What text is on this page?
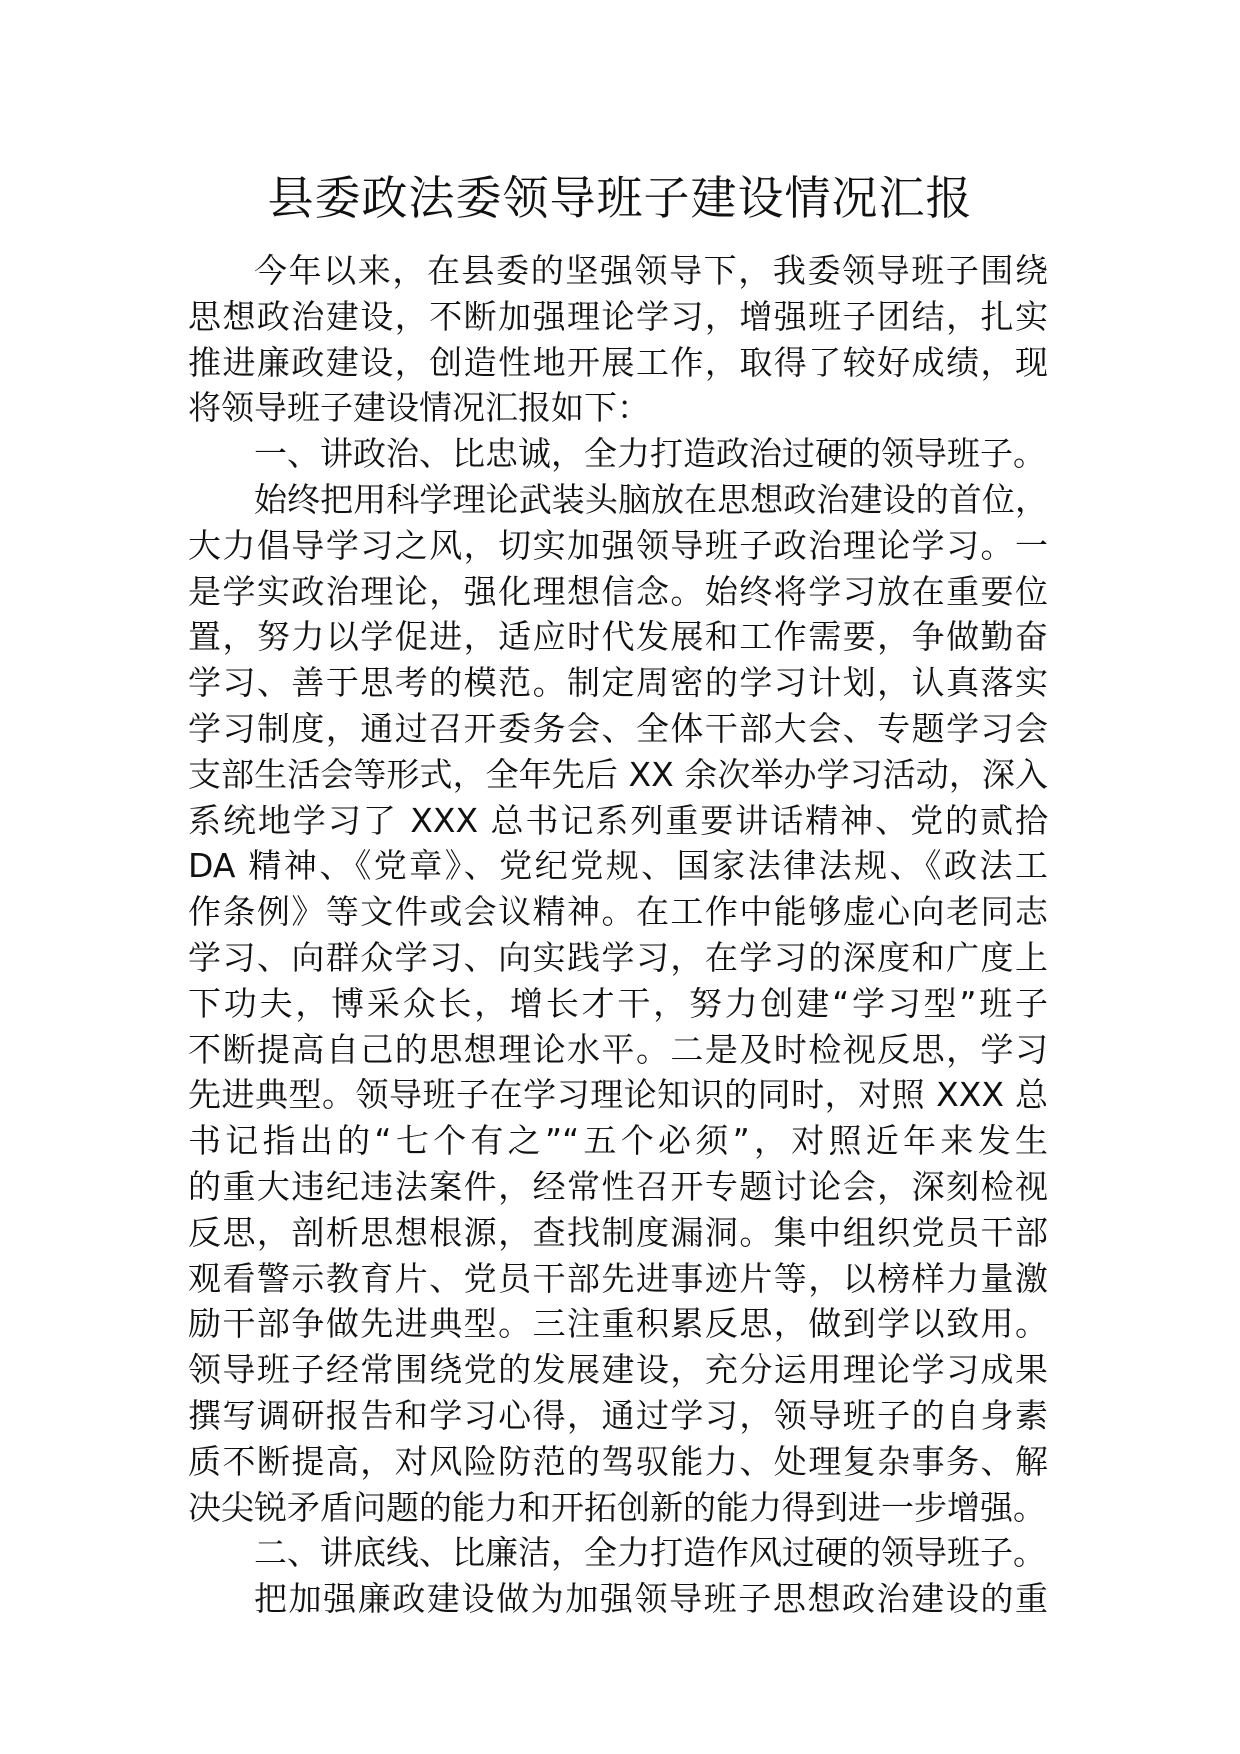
县委政法委领导班子建设情况汇报
今年以来，在县委的坚强领导下，我委领导班子围绕
思想政治建设，不断加强理论学习，增强班子团结，扎实
推进廉政建设，创造性地开展工作，取得了较好成绩，现
将领导班子建设情况汇报如下：
一、讲政治、比忠诚，全力打造政治过硬的领导班子。
始终把用科学理论武装头脑放在思想政治建设的首位，
大力倡导学习之风，切实加强领导班子政治理论学习。一
是学实政治理论，强化理想信念。始终将学习放在重要位
置，努力以学促进，适应时代发展和工作需要，争做勤奋
学习、善于思考的模范。制定周密的学习计划，认真落实
学习制度，通过召开委务会、全体干部大会、专题学习会
支部生活会等形式，全年先后 XX 余次举办学习活动，深入
系统地学习了 XXX 总书记系列重要讲话精神、党的贰拾
DA 精神、《党章》、党纪党规、国家法律法规、《政法工
作条例》等文件或会议精神。在工作中能够虚心向老同志
学习、向群众学习、向实践学习，在学习的深度和广度上
下功夫，博采众长，增长才干，努力创建“学习型”班子
不断提高自己的思想理论水平。二是及时检视反思，学习
先进典型。领导班子在学习理论知识的同时，对照 XXX 总
书记指出的“七个有之”“五个必须”，对照近年来发生
的重大违纪违法案件，经常性召开专题讨论会，深刻检视
反思，剖析思想根源，查找制度漏洞。集中组织党员干部
观看警示教育片、党员干部先进事迹片等，以榜样力量激
励干部争做先进典型。三注重积累反思，做到学以致用。
领导班子经常围绕党的发展建设，充分运用理论学习成果
撰写调研报告和学习心得，通过学习，领导班子的自身素
质不断提高，对风险防范的驾驭能力、处理复杂事务、解
决尖锐矛盾问题的能力和开拓创新的能力得到进一步增强。
二、讲底线、比廉洁，全力打造作风过硬的领导班子。
把加强廉政建设做为加强领导班子思想政治建设的重
